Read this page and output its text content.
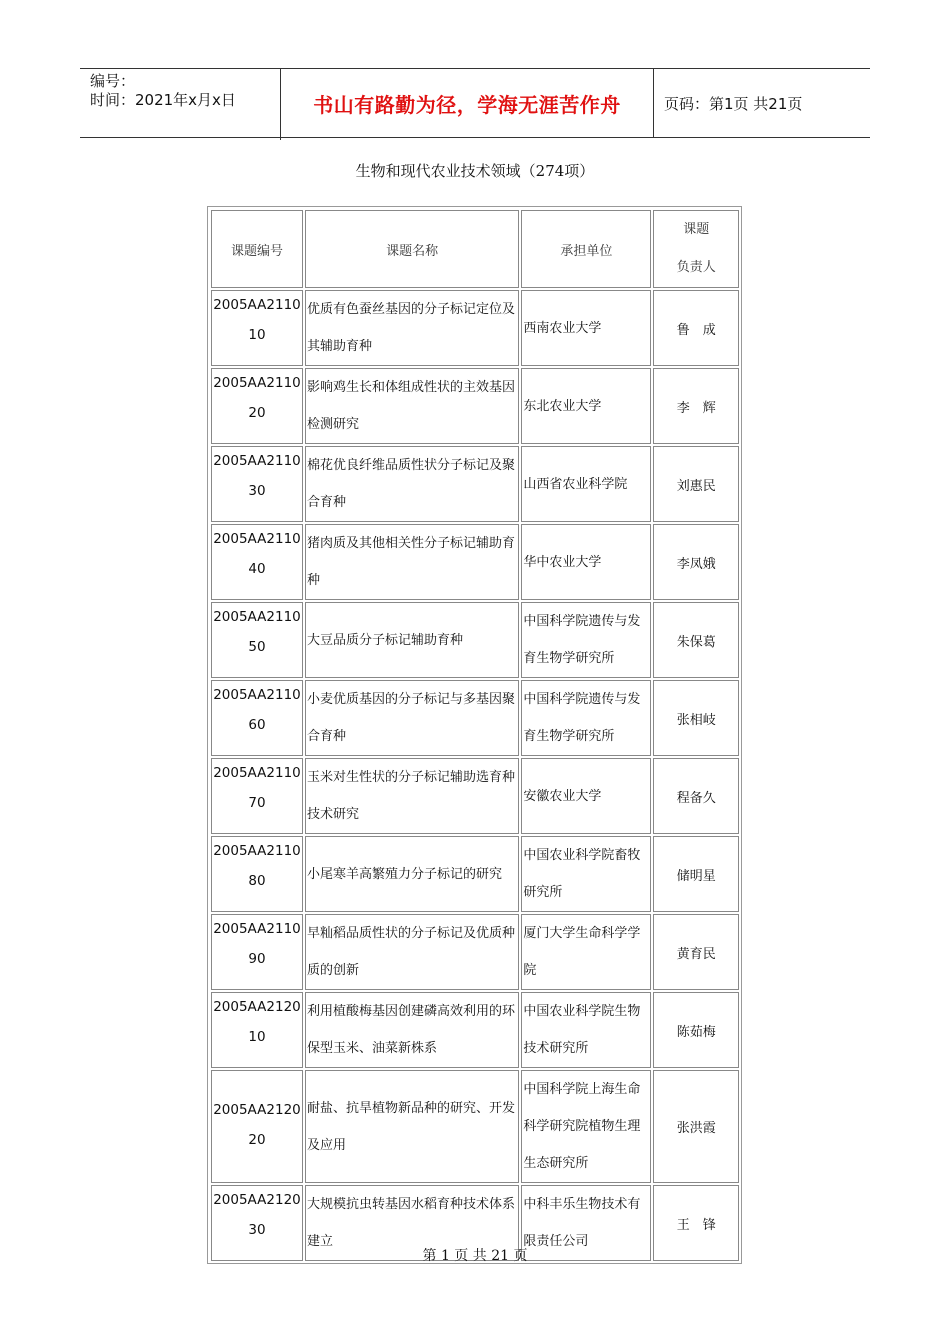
编号：
时间：2021年x月x日	书山有路勤为径，学海无涯苦作舟	页码：第1页 共21页
生物和现代农业技术领域（274项）
课题编号	课题名称	承担单位	课题
负责人

2005AA2110
10	优质有色蚕丝基因的分子标记定位及其辅助育种	西南农业大学	鲁　成

2005AA2110
20	影响鸡生长和体组成性状的主效基因检测研究	东北农业大学	李　辉

2005AA2110
30	棉花优良纤维品质性状分子标记及聚合育种	山西省农业科学院	刘惠民

2005AA2110
40	猪肉质及其他相关性分子标记辅助育种	华中农业大学	李凤娥

2005AA2110
50	大豆品质分子标记辅助育种	中国科学院遗传与发育生物学研究所	朱保葛

2005AA2110
60	小麦优质基因的分子标记与多基因聚合育种	中国科学院遗传与发育生物学研究所	张相岐

2005AA2110
70	玉米对生性状的分子标记辅助选育种技术研究	安徽农业大学	程备久

2005AA2110
80	小尾寒羊高繁殖力分子标记的研究	中国农业科学院畜牧研究所	储明星

2005AA2110
90	早籼稻品质性状的分子标记及优质种质的创新	厦门大学生命科学学院	黄育民

2005AA2120
10	利用植酸梅基因创建磷高效利用的环保型玉米、油菜新株系	中国农业科学院生物技术研究所	陈茹梅

2005AA2120
20	耐盐、抗旱植物新品种的研究、开发及应用	中国科学院上海生命科学研究院植物生理生态研究所	张洪霞

2005AA2120
30	大规模抗虫转基因水稻育种技术体系建立	中科丰乐生物技术有限责任公司	王　锋
第 1 页 共 21 页
